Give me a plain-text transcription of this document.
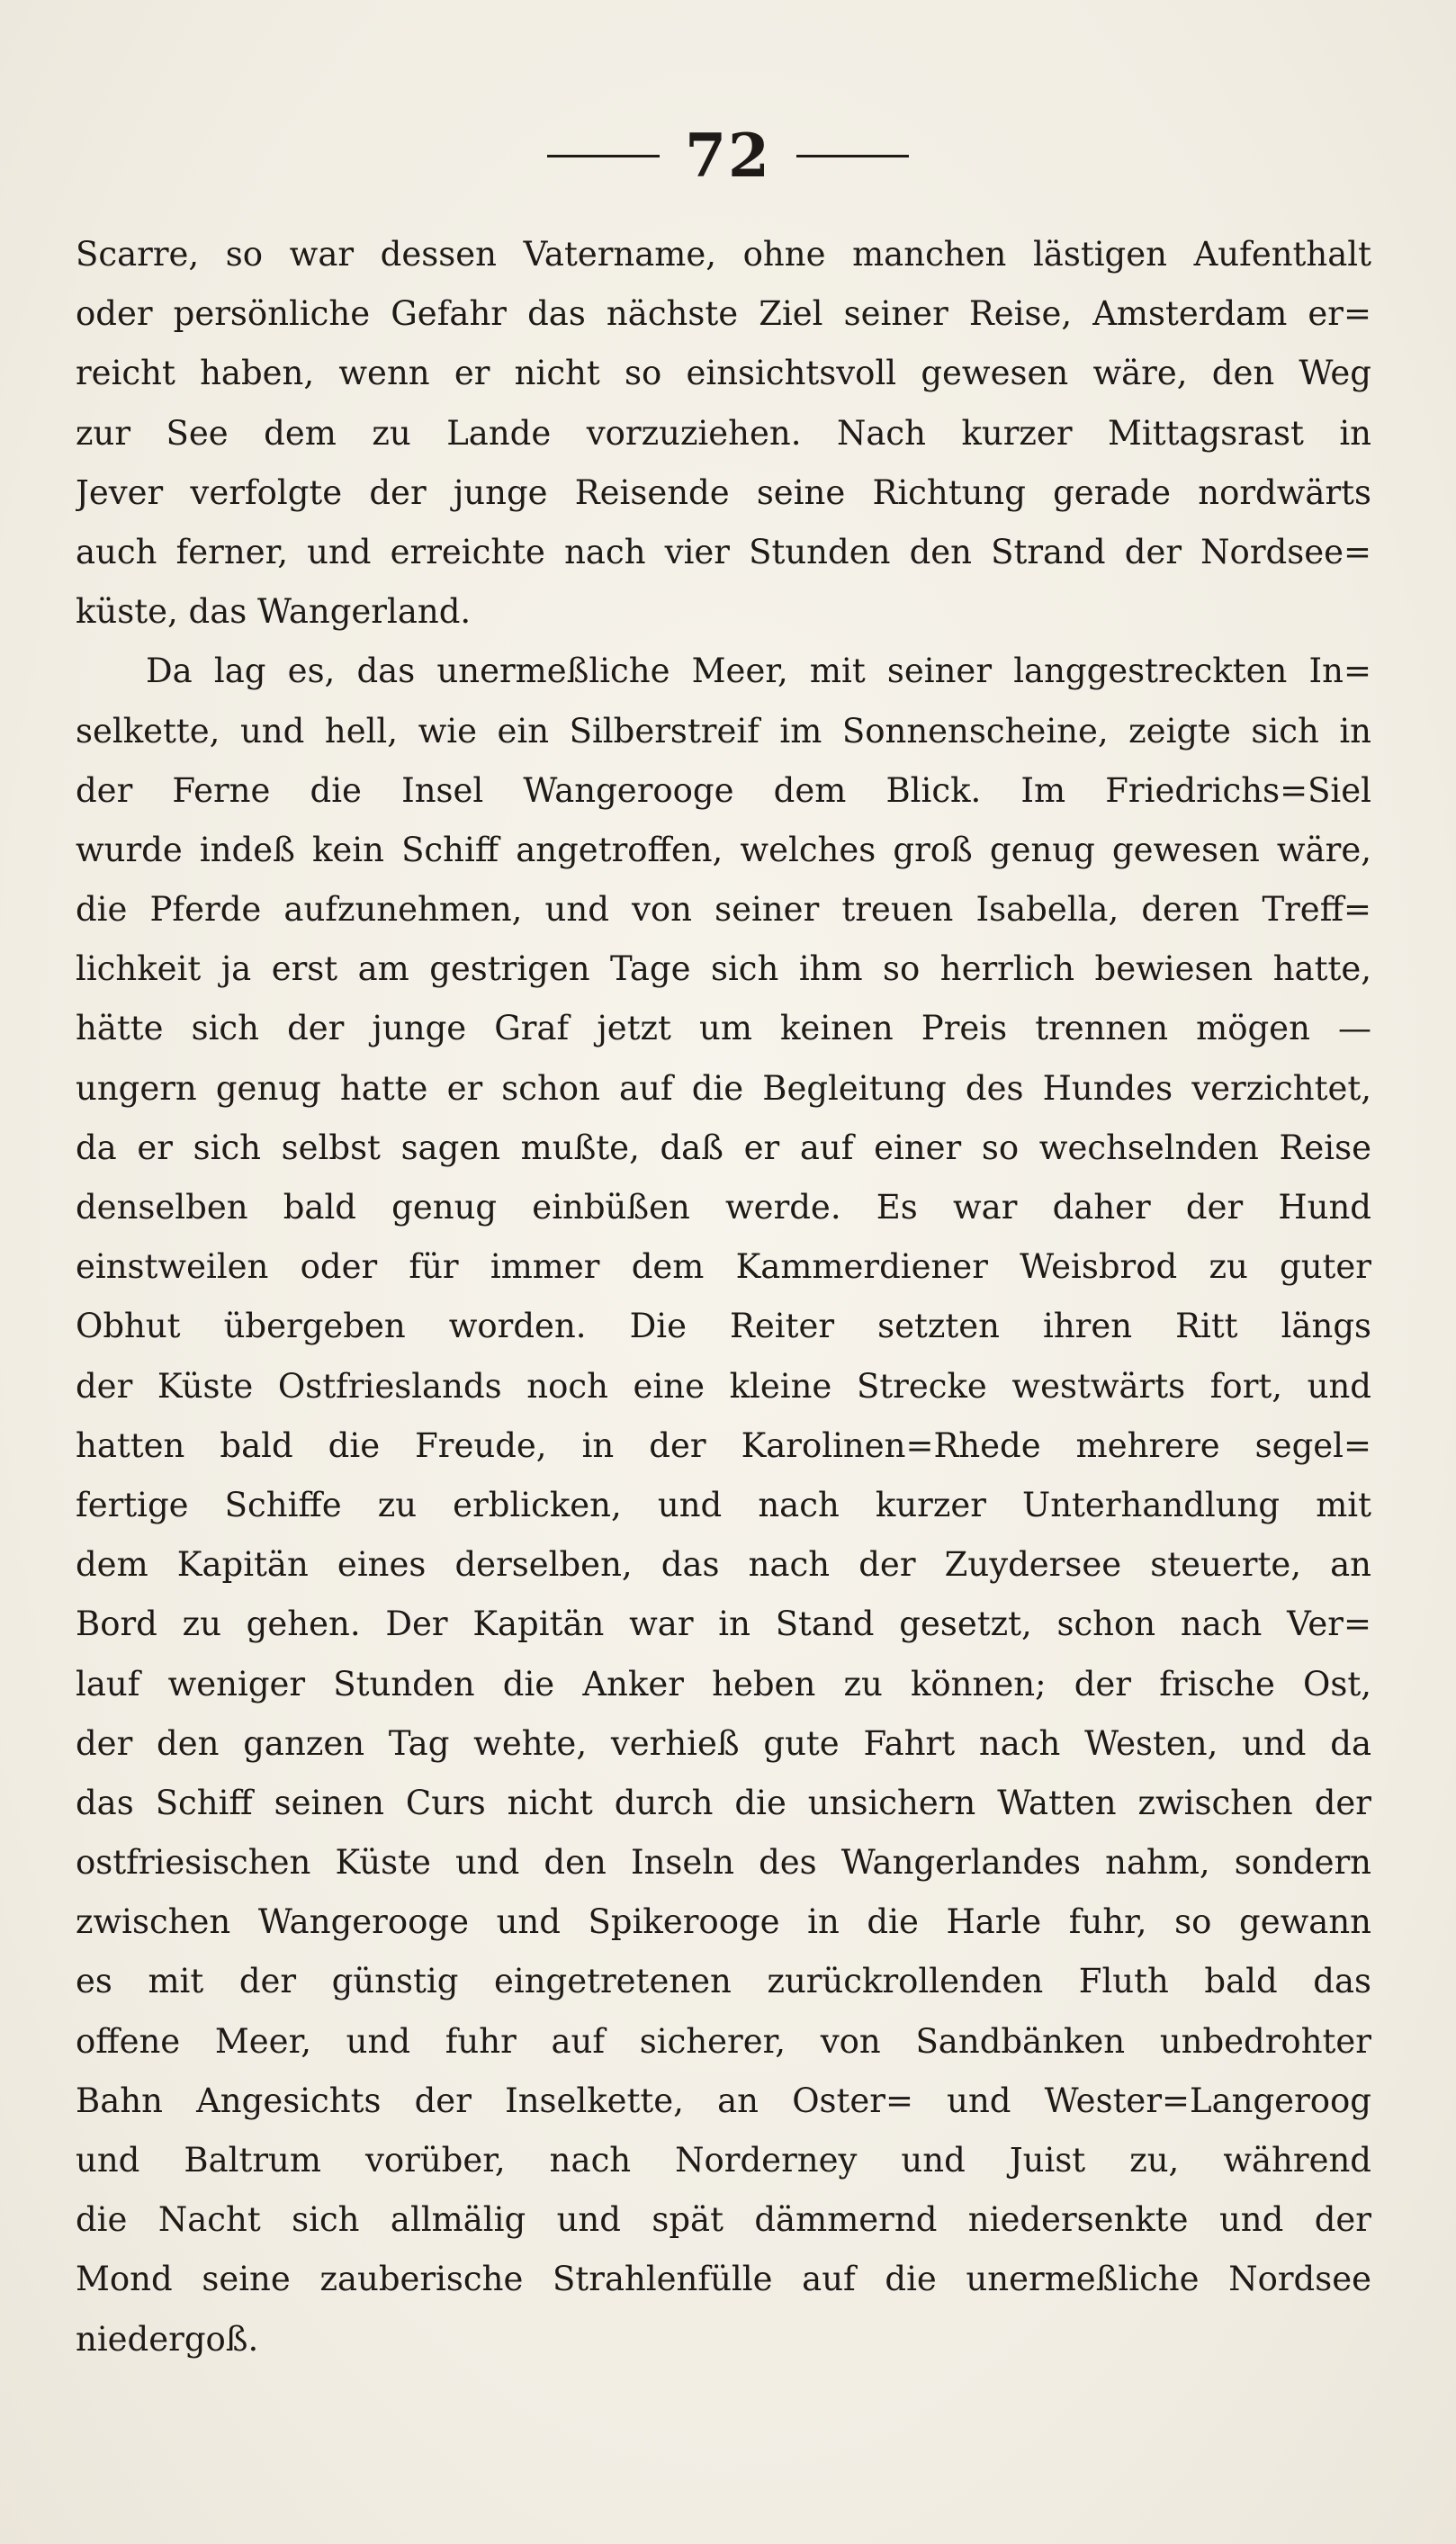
72
Scarre, so war dessen Vatername, ohne manchen lästigen Aufenthalt
oder persönliche Gefahr das nächste Ziel seiner Reise, Amsterdam er=
reicht haben, wenn er nicht so einsichtsvoll gewesen wäre, den Weg
zur See dem zu Lande vorzuziehen. Nach kurzer Mittagsrast in
Jever verfolgte der junge Reisende seine Richtung gerade nordwärts
auch ferner, und erreichte nach vier Stunden den Strand der Nordsee=
küste, das Wangerland.
Da lag es, das unermeßliche Meer, mit seiner langgestreckten In=
selkette, und hell, wie ein Silberstreif im Sonnenscheine, zeigte sich in
der Ferne die Insel Wangerooge dem Blick. Im Friedrichs=Siel
wurde indeß kein Schiff angetroffen, welches groß genug gewesen wäre,
die Pferde aufzunehmen, und von seiner treuen Isabella, deren Treff=
lichkeit ja erst am gestrigen Tage sich ihm so herrlich bewiesen hatte,
hätte sich der junge Graf jetzt um keinen Preis trennen mögen —
ungern genug hatte er schon auf die Begleitung des Hundes verzichtet,
da er sich selbst sagen mußte, daß er auf einer so wechselnden Reise
denselben bald genug einbüßen werde. Es war daher der Hund
einstweilen oder für immer dem Kammerdiener Weisbrod zu guter
Obhut übergeben worden. Die Reiter setzten ihren Ritt längs
der Küste Ostfrieslands noch eine kleine Strecke westwärts fort, und
hatten bald die Freude, in der Karolinen=Rhede mehrere segel=
fertige Schiffe zu erblicken, und nach kurzer Unterhandlung mit
dem Kapitän eines derselben, das nach der Zuydersee steuerte, an
Bord zu gehen. Der Kapitän war in Stand gesetzt, schon nach Ver=
lauf weniger Stunden die Anker heben zu können; der frische Ost,
der den ganzen Tag wehte, verhieß gute Fahrt nach Westen, und da
das Schiff seinen Curs nicht durch die unsichern Watten zwischen der
ostfriesischen Küste und den Inseln des Wangerlandes nahm, sondern
zwischen Wangerooge und Spikerooge in die Harle fuhr, so gewann
es mit der günstig eingetretenen zurückrollenden Fluth bald das
offene Meer, und fuhr auf sicherer, von Sandbänken unbedrohter
Bahn Angesichts der Inselkette, an Oster= und Wester=Langeroog
und Baltrum vorüber, nach Norderney und Juist zu, während
die Nacht sich allmälig und spät dämmernd niedersenkte und der
Mond seine zauberische Strahlenfülle auf die unermeßliche Nordsee
niedergoß.
